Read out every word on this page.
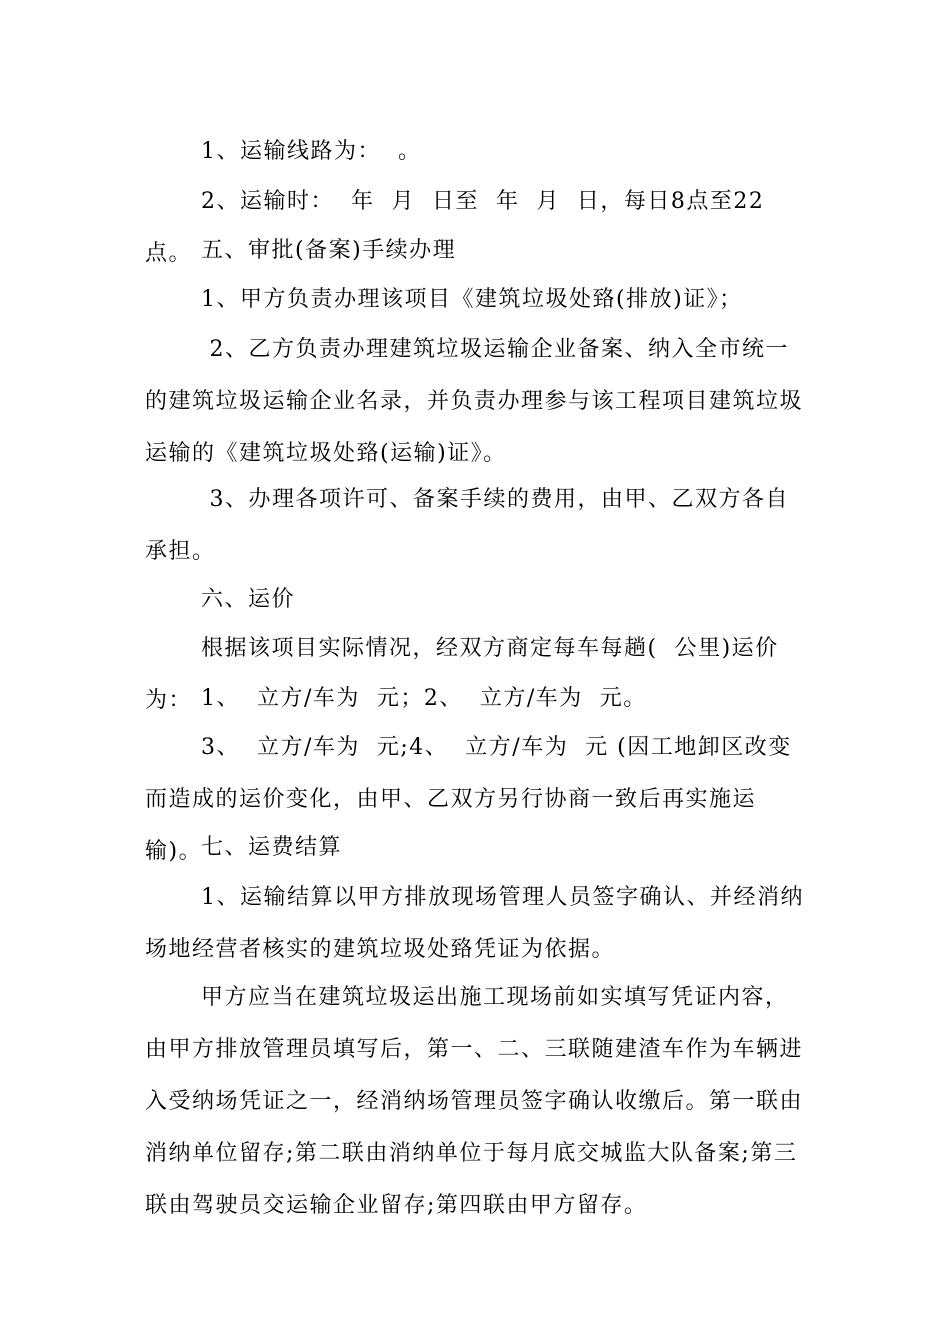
1、运输线路为：  。

2、运输时：  年  月  日至  年  月  日，每日8点至22点。 五、审批(备案)手续办理

1、甲方负责办理该项目《建筑垃圾处臵(排放)证》；

2、乙方负责办理建筑垃圾运输企业备案、纳入全市统一的建筑垃圾运输企业名录，并负责办理参与该工程项目建筑垃圾运输的《建筑垃圾处臵(运输)证》。

3、办理各项许可、备案手续的费用，由甲、乙双方各自承担。

六、运价

根据该项目实际情况，经双方商定每车每趟(  公里)运价为： 1、  立方/车为  元；2、  立方/车为  元。

3、  立方/车为  元;4、  立方/车为  元 (因工地卸区改变而造成的运价变化，由甲、乙双方另行协商一致后再实施运输)。

七、运费结算

1、运输结算以甲方排放现场管理人员签字确认、并经消纳场地经营者核实的建筑垃圾处臵凭证为依据。

甲方应当在建筑垃圾运出施工现场前如实填写凭证内容，由甲方排放管理员填写后，第一、二、三联随建渣车作为车辆进入受纳场凭证之一，经消纳场管理员签字确认收缴后。第一联由消纳单位留存;第二联由消纳单位于每月底交城监大队备案;第三联由驾驶员交运输企业留存;第四联由甲方留存。
